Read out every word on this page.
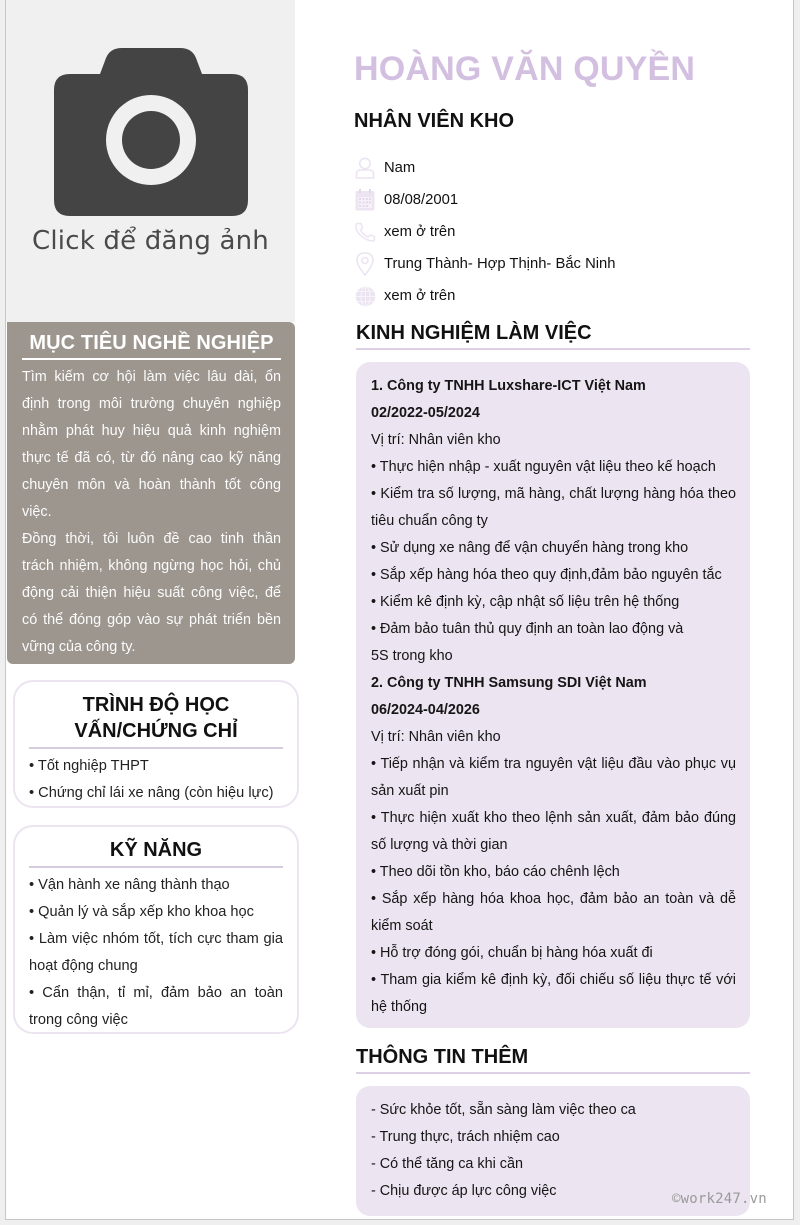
Click để đăng ảnh
MỤC TIÊU NGHỀ NGHIỆP

Tìm kiếm cơ hội làm việc lâu dài, ổn định trong môi trường chuyên nghiệp nhằm phát huy hiệu quả kinh nghiệm thực tế đã có, từ đó nâng cao kỹ năng chuyên môn và hoàn thành tốt công việc.

Đồng thời, tôi luôn đề cao tinh thần trách nhiệm, không ngừng học hỏi, chủ động cải thiện hiệu suất công việc, để có thể đóng góp vào sự phát triển bền vững của công ty.

TRÌNH ĐỘ HỌC VẤN/CHỨNG CHỈ

• Tốt nghiệp THPT

• Chứng chỉ lái xe nâng (còn hiệu lực)

KỸ NĂNG

• Vận hành xe nâng thành thạo

• Quản lý và sắp xếp kho khoa học

• Làm việc nhóm tốt, tích cực tham gia hoạt động chung

• Cẩn thận, tỉ mỉ, đảm bảo an toàn trong công việc

HOÀNG VĂN QUYỀN
NHÂN VIÊN KHO
Nam
08/08/2001
xem ở trên
Trung Thành- Hợp Thịnh- Bắc Ninh
xem ở trên
KINH NGHIỆM LÀM VIỆC

1. Công ty TNHH Luxshare-ICT Việt Nam

02/2022-05/2024

Vị trí: Nhân viên kho

• Thực hiện nhập - xuất nguyên vật liệu theo kế hoạch

• Kiểm tra số lượng, mã hàng, chất lượng hàng hóa theo tiêu chuẩn công ty

• Sử dụng xe nâng để vận chuyển hàng trong kho

• Sắp xếp hàng hóa theo quy định,đảm bảo nguyên tắc

• Kiểm kê định kỳ, cập nhật số liệu trên hệ thống

• Đảm bảo tuân thủ quy định an toàn lao động và

5S trong kho

2. Công ty TNHH Samsung SDI Việt Nam

06/2024-04/2026

Vị trí: Nhân viên kho

• Tiếp nhận và kiểm tra nguyên vật liệu đầu vào phục vụ sản xuất pin

• Thực hiện xuất kho theo lệnh sản xuất, đảm bảo đúng số lượng và thời gian

• Theo dõi tồn kho, báo cáo chênh lệch

• Sắp xếp hàng hóa khoa học, đảm bảo an toàn và dễ kiểm soát

• Hỗ trợ đóng gói, chuẩn bị hàng hóa xuất đi

• Tham gia kiểm kê định kỳ, đối chiếu số liệu thực tế với hệ thống

THÔNG TIN THÊM

- Sức khỏe tốt, sẵn sàng làm việc theo ca

- Trung thực, trách nhiệm cao

- Có thể tăng ca khi cần

- Chịu được áp lực công việc	©work247.vn
